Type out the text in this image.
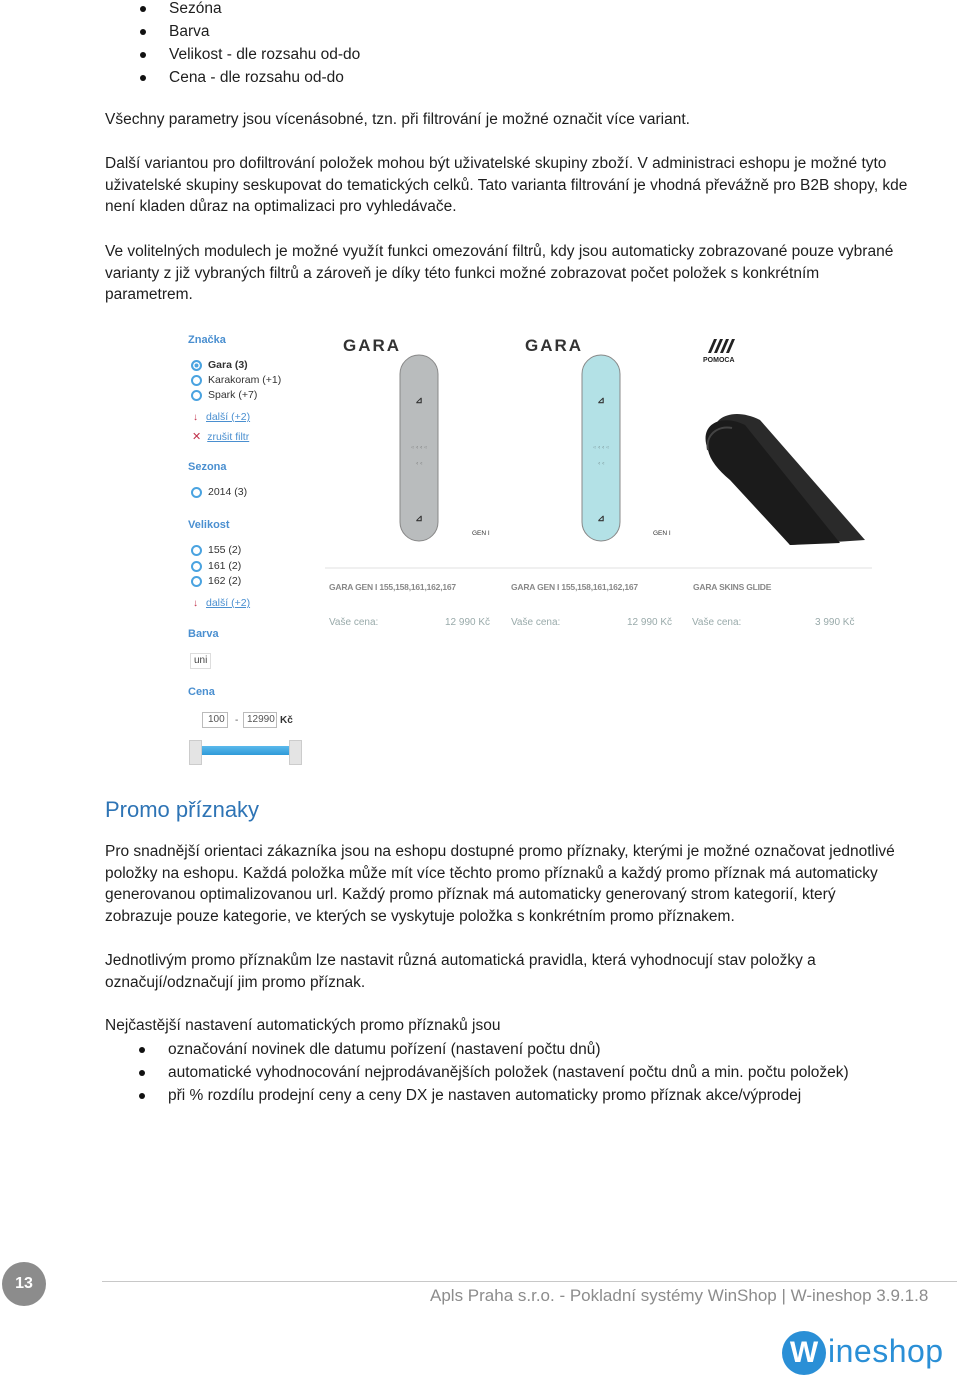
Sezóna
Barva
Velikost - dle rozsahu od-do
Cena - dle rozsahu od-do
Všechny parametry jsou vícenásobné, tzn. při filtrování je možné označit více variant.
Další variantou pro dofiltrování položek mohou být uživatelské skupiny zboží. V administraci eshopu je možné tyto
uživatelské skupiny seskupovat do tematických celků. Tato varianta filtrování je vhodná převážně pro B2B shopy, kde
není kladen důraz na optimalizaci pro vyhledávače.
Ve volitelných modulech je možné využít funkci omezování filtrů, kdy jsou automaticky zobrazované pouze vybrané
varianty z již vybraných filtrů a zároveň je díky této funkci možné zobrazovat počet položek s konkrétním
parametrem.
Značka
Gara (3)
Karakoram (+1)
Spark (+7)
↓ další (+2)
✕ zrušit filtr
Sezona
2014 (3)
Velikost
155 (2)
161 (2)
162 (2)
↓ další (+2)
Barva
uni
Cena
100	- 12990 Kč
GARA
⊿
⁖ ⁖ ⁖ ⁖
⁖ ⁖
⊿
GEN I
GARA
⊿
⁖ ⁖ ⁖ ⁖
⁖ ⁖
⊿
GEN I
POMOCA
GARA GEN I 155,158,161,162,167	GARA GEN I 155,158,161,162,167	GARA SKINS GLIDE
Vaše cena:	12 990 Kč Vaše cena:	12 990 Kč Vaše cena:	3 990 Kč
Promo příznaky
Pro snadnější orientaci zákazníka jsou na eshopu dostupné promo příznaky, kterými je možné označovat jednotlivé
položky na eshopu. Každá položka může mít více těchto promo příznaků a každý promo příznak má automaticky
generovanou optimalizovanou url. Každý promo příznak má automaticky generovaný strom kategorií, který
zobrazuje pouze kategorie, ve kterých se vyskytuje položka s konkrétním promo příznakem.
Jednotlivým promo příznakům lze nastavit různá automatická pravidla, která vyhodnocují stav položky a
označují/odznačují jim promo příznak.
Nejčastější nastavení automatických promo příznaků jsou
označování novinek dle datumu pořízení (nastavení počtu dnů)
automatické vyhodnocování nejprodávanějších položek (nastavení počtu dnů a min. počtu položek)
při % rozdílu prodejní ceny a ceny DX je nastaven automaticky promo příznak akce/výprodej
13
Apls Praha s.r.o. - Pokladní systémy WinShop | W-ineshop 3.9.1.8
W ineshop
